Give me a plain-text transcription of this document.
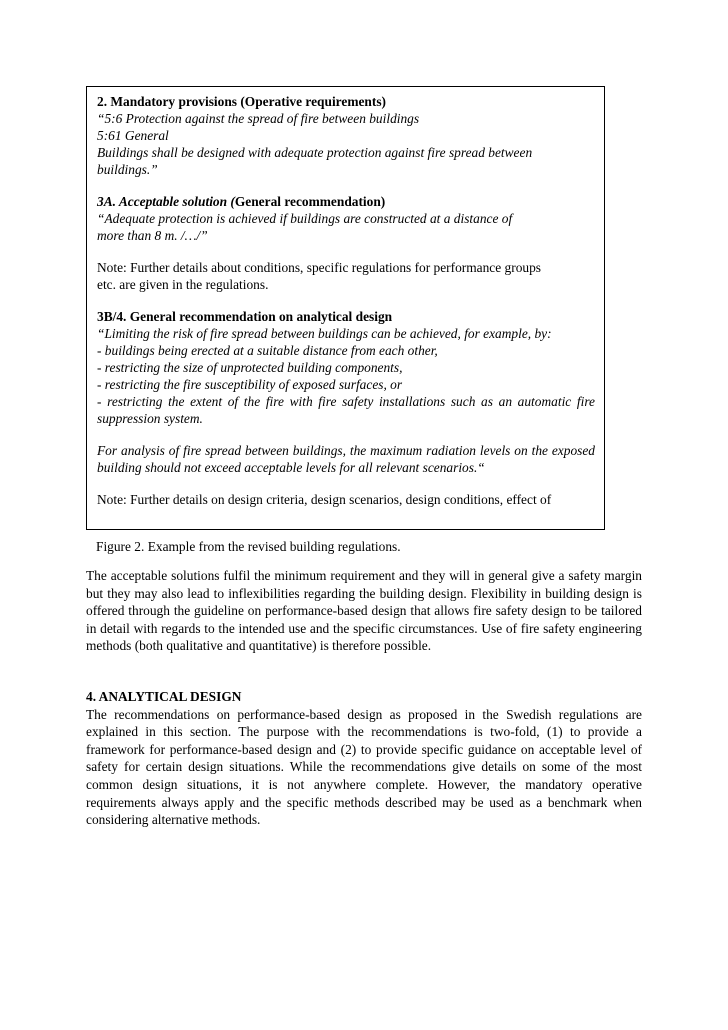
2. Mandatory provisions (Operative requirements)

“5:6 Protection against the spread of fire between buildings

5:61 General

Buildings shall be designed with adequate protection against fire spread between

buildings.”

3A. Acceptable solution (General recommendation)

“Adequate protection is achieved if buildings are constructed at a distance of

more than 8 m. /…/”

Note: Further details about conditions, specific regulations for performance groups

etc. are given in the regulations.

3B/4. General recommendation on analytical design

“Limiting the risk of fire spread between buildings can be achieved, for example, by:

- buildings being erected at a suitable distance from each other,

- restricting the size of unprotected building components,

- restricting the fire susceptibility of exposed surfaces, or

- restricting the extent of the fire with fire safety installations such as an automatic fire suppression system.

For analysis of fire spread between buildings, the maximum radiation levels on the exposed building should not exceed acceptable levels for all relevant scenarios.“

Note: Further details on design criteria, design scenarios, design conditions, effect of

Figure 2. Example from the revised building regulations.

The acceptable solutions fulfil the minimum requirement and they will in general give a safety margin but they may also lead to inflexibilities regarding the building design. Flexibility in building design is offered through the guideline on performance-based design that allows fire safety design to be tailored in detail with regards to the intended use and the specific circumstances. Use of fire safety engineering methods (both qualitative and quantitative) is therefore possible.

4. ANALYTICAL DESIGN

The recommendations on performance-based design as proposed in the Swedish regulations are explained in this section. The purpose with the recommendations is two-fold, (1) to provide a framework for performance-based design and (2) to provide specific guidance on acceptable level of safety for certain design situations. While the recommendations give details on some of the most common design situations, it is not anywhere complete. However, the mandatory operative requirements always apply and the specific methods described may be used as a benchmark when considering alternative methods.
